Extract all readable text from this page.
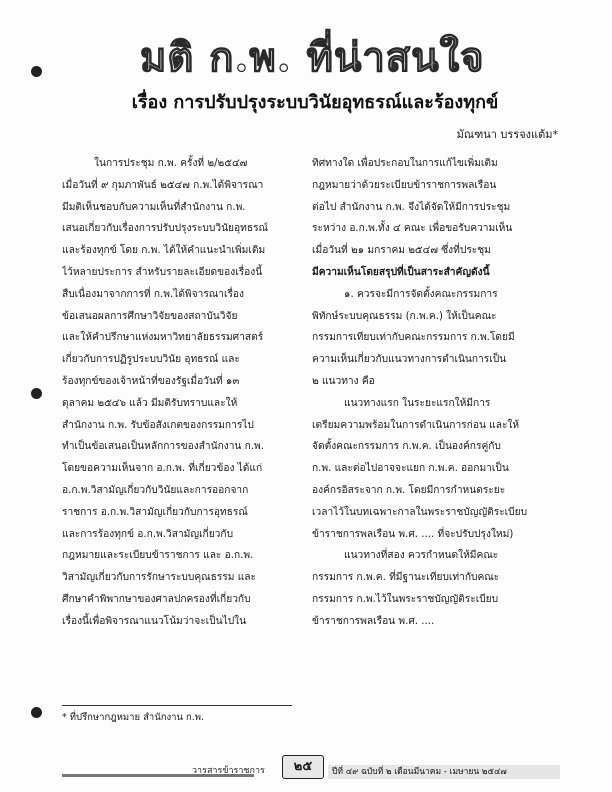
มติ ก.พ. ที่น่าสนใจ
เรื่อง การปรับปรุงระบบวินัยอุทธรณ์และร้องทุกข์
มัณฑนา บรรจงแต้ม*
ในการประชุม ก.พ. ครั้งที่ ๒/๒๕๔๗
เมื่อวันที่ ๙ กุมภาพันธ์ ๒๕๔๗ ก.พ.ได้พิจารณา
มีมติเห็นชอบกับความเห็นที่สำนักงาน ก.พ.
เสนอเกี่ยวกับเรื่องการปรับปรุงระบบวินัยอุทธรณ์
และร้องทุกข์ โดย ก.พ. ได้ให้คำแนะนำเพิ่มเติม
ไว้หลายประการ สำหรับรายละเอียดของเรื่องนี้
สืบเนื่องมาจากการที่ ก.พ.ได้พิจารณาเรื่อง
ข้อเสนอผลการศึกษาวิจัยของสถาบันวิจัย
และให้คำปรึกษาแห่งมหาวิทยาลัยธรรมศาสตร์
เกี่ยวกับการปฏิรูประบบวินัย อุทธรณ์ และ
ร้องทุกข์ของเจ้าหน้าที่ของรัฐเมื่อวันที่ ๑๓
ตุลาคม ๒๕๔๖ แล้ว มีมติรับทราบและให้
สำนักงาน ก.พ. รับข้อสังเกตของกรรมการไป
ทำเป็นข้อเสนอเป็นหลักการของสำนักงาน ก.พ.
โดยขอความเห็นจาก อ.ก.พ. ที่เกี่ยวข้อง ได้แก่
อ.ก.พ.วิสามัญเกี่ยวกับวินัยและการออกจาก
ราชการ อ.ก.พ.วิสามัญเกี่ยวกับการอุทธรณ์
และการร้องทุกข์ อ.ก.พ.วิสามัญเกี่ยวกับ
กฎหมายและระเบียบข้าราชการ และ อ.ก.พ.
วิสามัญเกี่ยวกับการรักษาระบบคุณธรรม และ
ศึกษาคำพิพากษาของศาลปกครองที่เกี่ยวกับ
เรื่องนี้เพื่อพิจารณาแนวโน้มว่าจะเป็นไปใน
ทิศทางใด เพื่อประกอบในการแก้ไขเพิ่มเติม
กฎหมายว่าด้วยระเบียบข้าราชการพลเรือน
ต่อไป สำนักงาน ก.พ. จึงได้จัดให้มีการประชุม
ระหว่าง อ.ก.พ.ทั้ง ๔ คณะ เพื่อขอรับความเห็น
เมื่อวันที่ ๒๑ มกราคม ๒๕๔๗ ซึ่งที่ประชุม
มีความเห็นโดยสรุปที่เป็นสาระสำคัญดังนี้
๑. ควรจะมีการจัดตั้งคณะกรรมการ
พิทักษ์ระบบคุณธรรม (ก.พ.ค.) ให้เป็นคณะ
กรรมการเทียบเท่ากับคณะกรรมการ ก.พ.โดยมี
ความเห็นเกี่ยวกับแนวทางการดำเนินการเป็น
๒ แนวทาง คือ
แนวทางแรก ในระยะแรกให้มีการ
เตรียมความพร้อมในการดำเนินการก่อน และให้
จัดตั้งคณะกรรมการ ก.พ.ค. เป็นองค์กรคู่กับ
ก.พ. และต่อไปอาจจะแยก ก.พ.ค. ออกมาเป็น
องค์กรอิสระจาก ก.พ. โดยมีการกำหนดระยะ
เวลาไว้ในบทเฉพาะกาลในพระราชบัญญัติระเบียบ
ข้าราชการพลเรือน พ.ศ. .... ที่จะปรับปรุงใหม่)
แนวทางที่สอง ควรกำหนดให้มีคณะ
กรรมการ ก.พ.ค. ที่มีฐานะเทียบเท่ากับคณะ
กรรมการ ก.พ.ไว้ในพระราชบัญญัติระเบียบ
ข้าราชการพลเรือน พ.ศ. ....
* ที่ปรึกษากฎหมาย สำนักงาน ก.พ.
วารสารข้าราชการ	๒๕	ปีที่ ๔๙ ฉบับที่ ๒ เดือนมีนาคม - เมษายน ๒๕๔๗
